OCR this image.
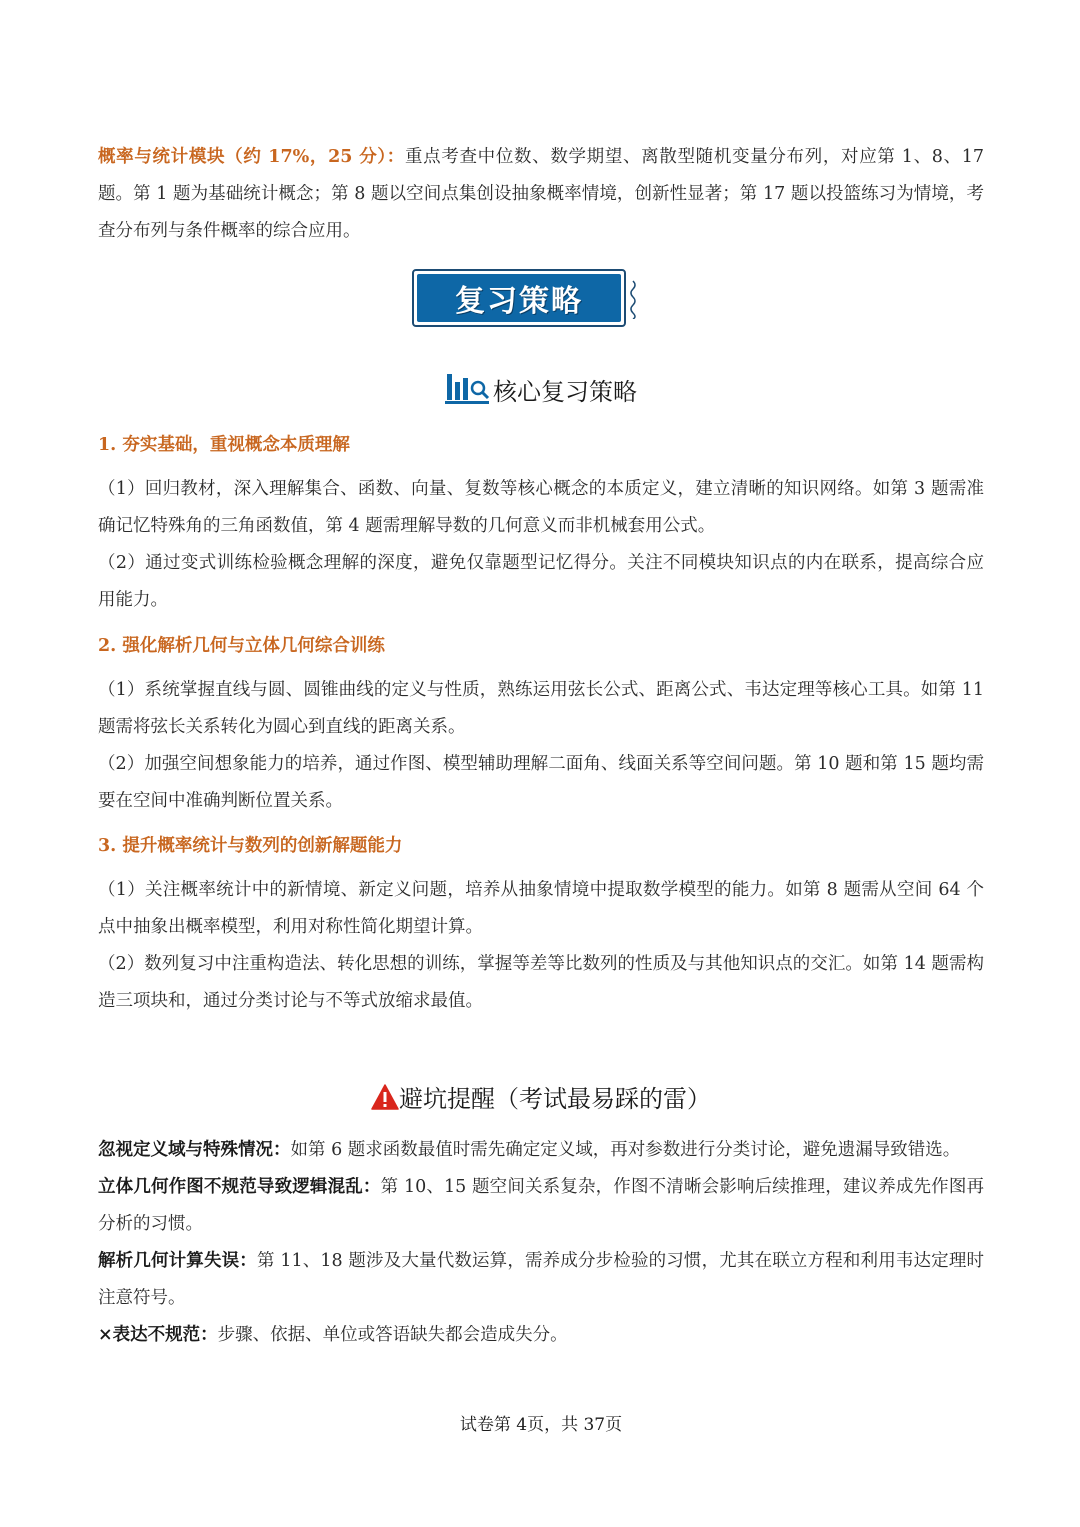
概率与统计模块（约 17%，25 分）：重点考查中位数、数学期望、离散型随机变量分布列，对应第 1、8、17 题。第 1 题为基础统计概念；第 8 题以空间点集创设抽象概率情境，创新性显著；第 17 题以投篮练习为情境，考查分布列与条件概率的综合应用。

复习策略
核心复习策略

1. 夯实基础，重视概念本质理解

（1）回归教材，深入理解集合、函数、向量、复数等核心概念的本质定义，建立清晰的知识网络。如第 3 题需准确记忆特殊角的三角函数值，第 4 题需理解导数的几何意义而非机械套用公式。

（2）通过变式训练检验概念理解的深度，避免仅靠题型记忆得分。关注不同模块知识点的内在联系，提高综合应用能力。

2. 强化解析几何与立体几何综合训练

（1）系统掌握直线与圆、圆锥曲线的定义与性质，熟练运用弦长公式、距离公式、韦达定理等核心工具。如第 11 题需将弦长关系转化为圆心到直线的距离关系。

（2）加强空间想象能力的培养，通过作图、模型辅助理解二面角、线面关系等空间问题。第 10 题和第 15 题均需要在空间中准确判断位置关系。

3. 提升概率统计与数列的创新解题能力

（1）关注概率统计中的新情境、新定义问题，培养从抽象情境中提取数学模型的能力。如第 8 题需从空间 64 个点中抽象出概率模型，利用对称性简化期望计算。

（2）数列复习中注重构造法、转化思想的训练，掌握等差等比数列的性质及与其他知识点的交汇。如第 14 题需构造三项块和，通过分类讨论与不等式放缩求最值。

避坑提醒（考试最易踩的雷）

忽视定义域与特殊情况：如第 6 题求函数最值时需先确定定义域，再对参数进行分类讨论，避免遗漏导致错选。

立体几何作图不规范导致逻辑混乱：第 10、15 题空间关系复杂，作图不清晰会影响后续推理，建议养成先作图再分析的习惯。

解析几何计算失误：第 11、18 题涉及大量代数运算，需养成分步检验的习惯，尤其在联立方程和利用韦达定理时注意符号。

×表达不规范：步骤、依据、单位或答语缺失都会造成失分。

试卷第 4页，共 37页
